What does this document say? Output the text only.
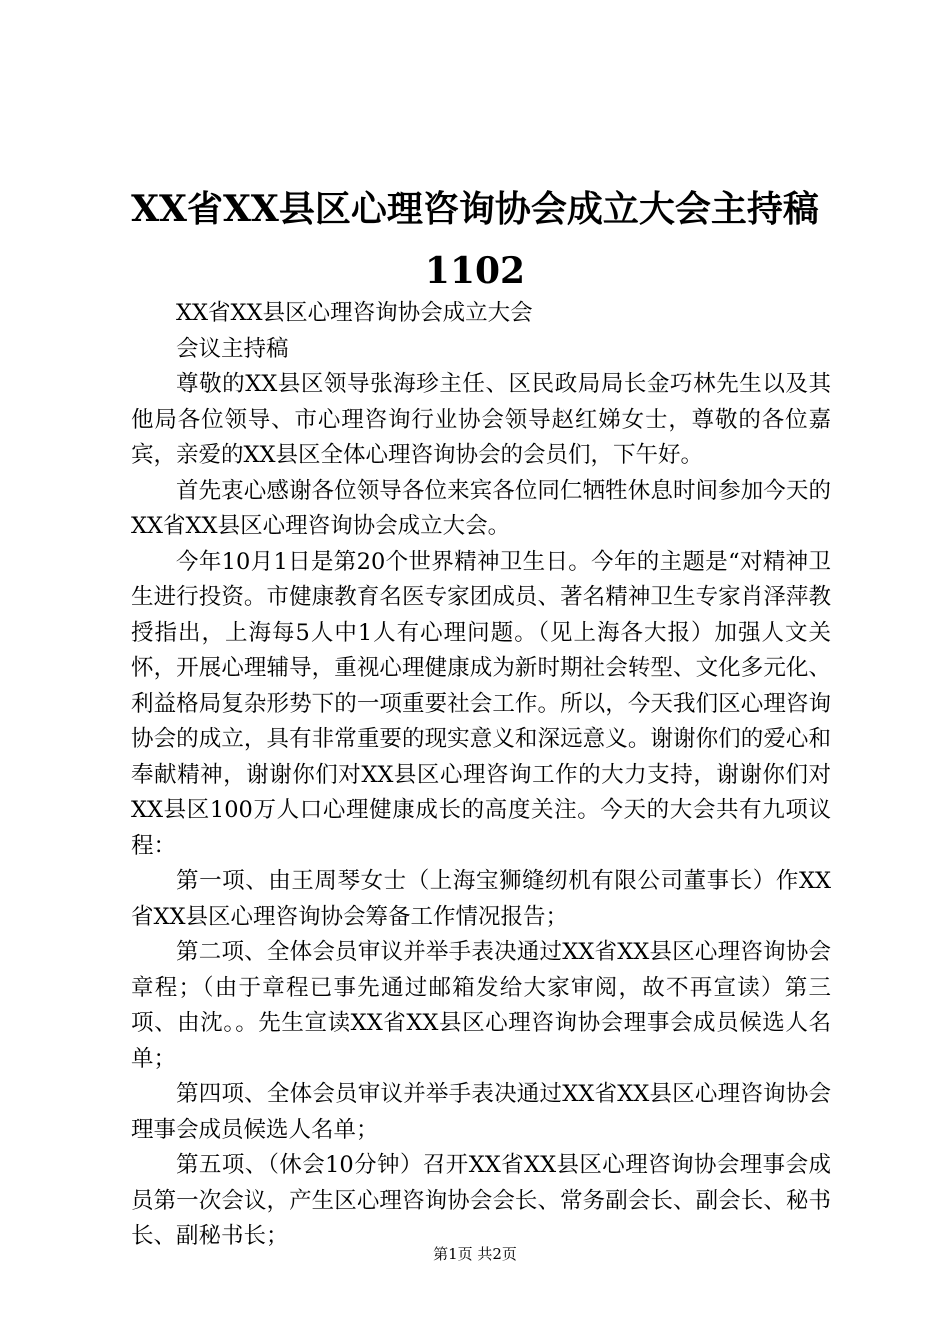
XX省XX县区心理咨询协会成立大会主持稿1102

XX省XX县区心理咨询协会成立大会

会议主持稿

尊敬的XX县区领导张海珍主任、区民政局局长金巧林先生以及其他局各位领导、市心理咨询行业协会领导赵红娣女士，尊敬的各位嘉宾，亲爱的XX县区全体心理咨询协会的会员们，下午好。

首先衷心感谢各位领导各位来宾各位同仁牺牲休息时间参加今天的XX省XX县区心理咨询协会成立大会。

今年10月1日是第20个世界精神卫生日。今年的主题是“对精神卫生进行投资。市健康教育名医专家团成员、著名精神卫生专家肖泽萍教授指出，上海每5人中1人有心理问题。（见上海各大报）加强人文关怀，开展心理辅导，重视心理健康成为新时期社会转型、文化多元化、利益格局复杂形势下的一项重要社会工作。所以，今天我们区心理咨询协会的成立，具有非常重要的现实意义和深远意义。谢谢你们的爱心和奉献精神，谢谢你们对XX县区心理咨询工作的大力支持，谢谢你们对XX县区100万人口心理健康成长的高度关注。今天的大会共有九项议程：

第一项、由王周琴女士（上海宝狮缝纫机有限公司董事长）作XX省XX县区心理咨询协会筹备工作情况报告；

第二项、全体会员审议并举手表决通过XX省XX县区心理咨询协会章程；（由于章程已事先通过邮箱发给大家审阅，故不再宣读）第三项、由沈。。先生宣读XX省XX县区心理咨询协会理事会成员候选人名单；

第四项、全体会员审议并举手表决通过XX省XX县区心理咨询协会理事会成员候选人名单；

第五项、（休会10分钟）召开XX省XX县区心理咨询协会理事会成员第一次会议，产生区心理咨询协会会长、常务副会长、副会长、秘书长、副秘书长；

第1页 共2页
